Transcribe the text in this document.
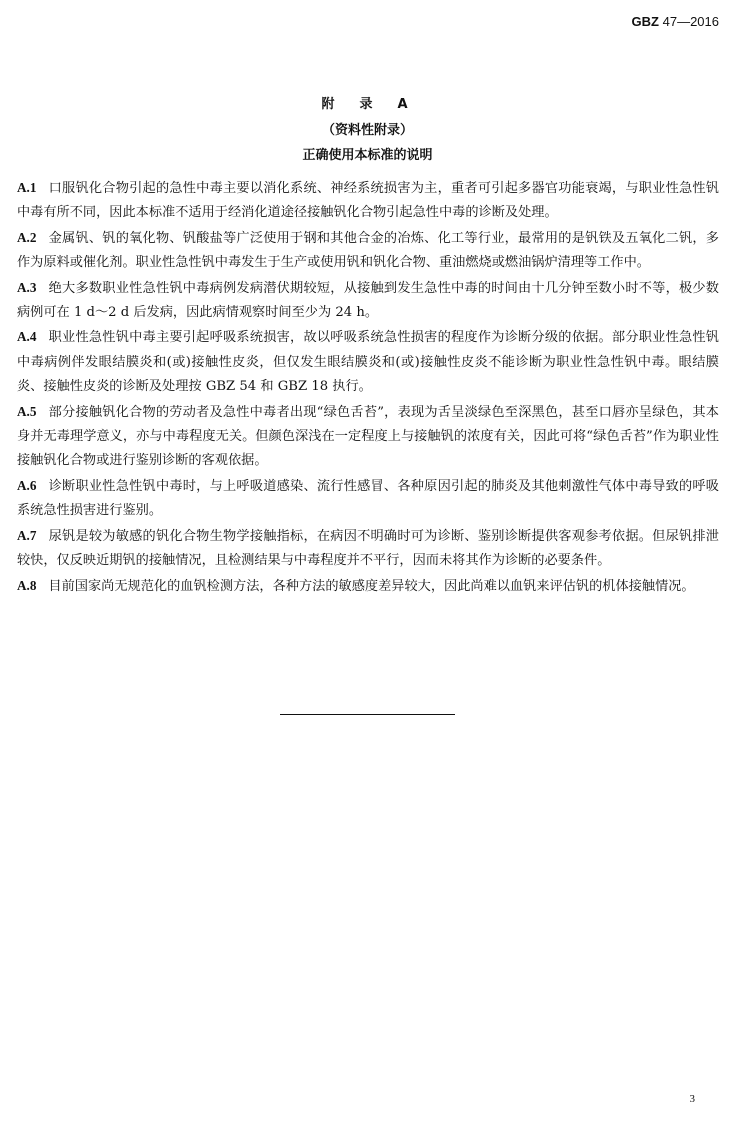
GBZ 47—2016
附　录　A
（资料性附录）
正确使用本标准的说明

A.1 口服钒化合物引起的急性中毒主要以消化系统、神经系统损害为主，重者可引起多器官功能衰竭，与职业性急性钒中毒有所不同，因此本标准不适用于经消化道途径接触钒化合物引起急性中毒的诊断及处理。

A.2 金属钒、钒的氧化物、钒酸盐等广泛使用于钢和其他合金的冶炼、化工等行业，最常用的是钒铁及五氧化二钒，多作为原料或催化剂。职业性急性钒中毒发生于生产或使用钒和钒化合物、重油燃烧或燃油锅炉清理等工作中。

A.3 绝大多数职业性急性钒中毒病例发病潜伏期较短，从接触到发生急性中毒的时间由十几分钟至数小时不等，极少数病例可在 1 d～2 d 后发病，因此病情观察时间至少为 24 h。

A.4 职业性急性钒中毒主要引起呼吸系统损害，故以呼吸系统急性损害的程度作为诊断分级的依据。部分职业性急性钒中毒病例伴发眼结膜炎和(或)接触性皮炎，但仅发生眼结膜炎和(或)接触性皮炎不能诊断为职业性急性钒中毒。眼结膜炎、接触性皮炎的诊断及处理按 GBZ 54 和 GBZ 18 执行。

A.5 部分接触钒化合物的劳动者及急性中毒者出现“绿色舌苔”，表现为舌呈淡绿色至深黑色，甚至口唇亦呈绿色，其本身并无毒理学意义，亦与中毒程度无关。但颜色深浅在一定程度上与接触钒的浓度有关，因此可将“绿色舌苔”作为职业性接触钒化合物或进行鉴别诊断的客观依据。

A.6 诊断职业性急性钒中毒时，与上呼吸道感染、流行性感冒、各种原因引起的肺炎及其他刺激性气体中毒导致的呼吸系统急性损害进行鉴别。

A.7 尿钒是较为敏感的钒化合物生物学接触指标，在病因不明确时可为诊断、鉴别诊断提供客观参考依据。但尿钒排泄较快，仅反映近期钒的接触情况，且检测结果与中毒程度并不平行，因而未将其作为诊断的必要条件。

A.8 目前国家尚无规范化的血钒检测方法，各种方法的敏感度差异较大，因此尚难以血钒来评估钒的机体接触情况。

3
